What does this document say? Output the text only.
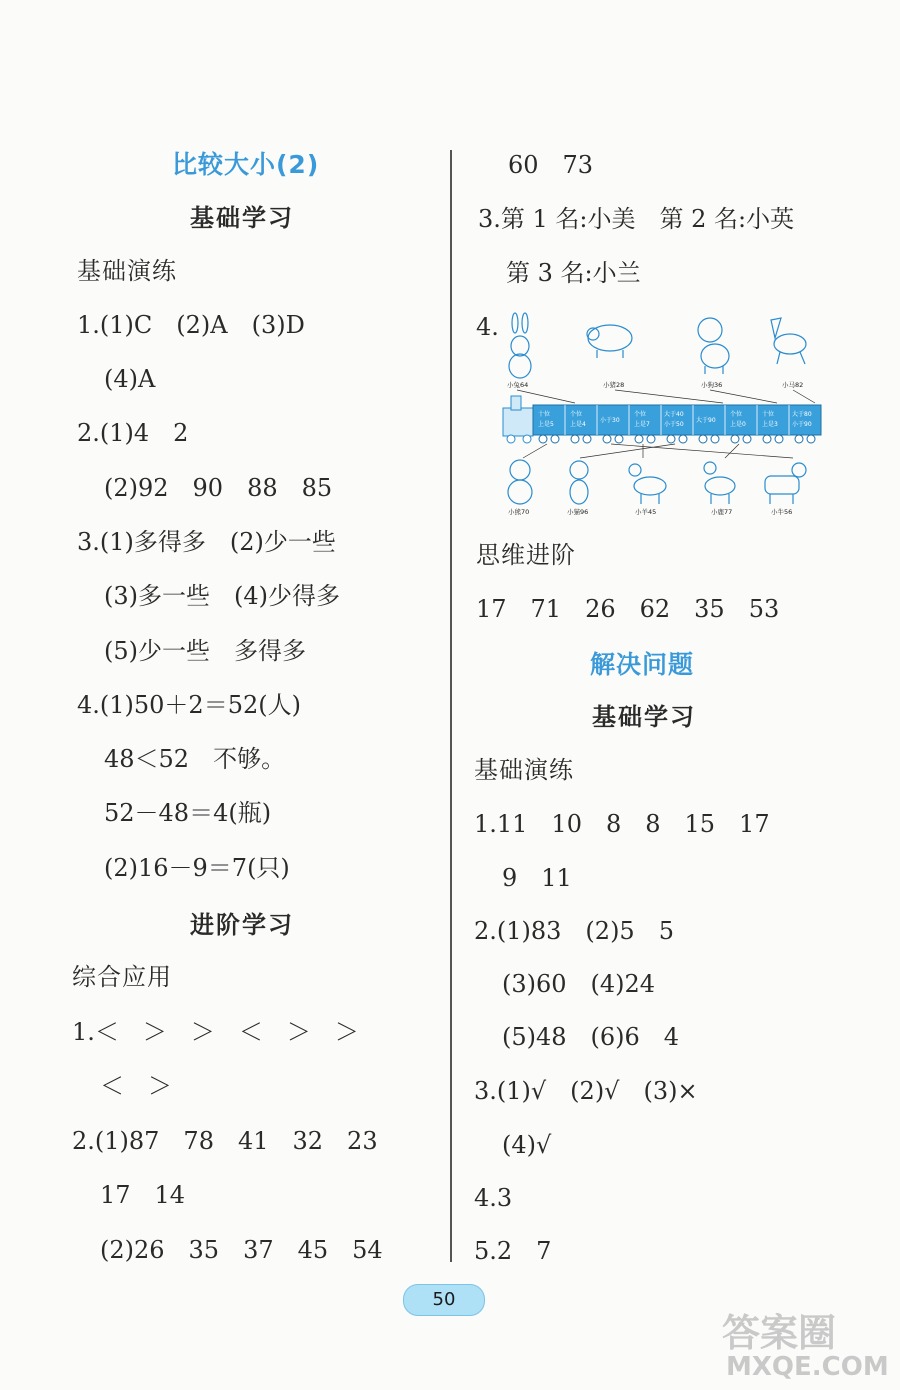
比较大小(2)
基础学习
基础演练
1.(1)C　(2)A　(3)D
(4)A
2.(1)4　2
(2)92　90　88　85
3.(1)多得多　(2)少一些
(3)多一些　(4)少得多
(5)少一些　多得多
4.(1)50＋2＝52(人)
48＜52　不够。
52－48＝4(瓶)
(2)16－9＝7(只)
进阶学习
综合应用
1.＜　＞　＞　＜　＞　＞
＜　＞
2.(1)87　78　41　32　23
17　14
(2)26　35　37　45　54
60　73
3.第 1 名:小美　第 2 名:小英
第 3 名:小兰
4.
思维进阶
17　71　26　62　35　53
解决问题
基础学习
基础演练
1.11　10　8　8　15　17
9　11
2.(1)83　(2)5　5
(3)60　(4)24
(5)48　(6)6　4
3.(1)√　(2)√　(3)×
(4)√
4.3
5.2　7
小兔64	小猪28	小狗36	小马82
十位
上是5
个位
上是4
小于30
个位
上是7
大于40
小于50
大于90
个位
上是0
十位
上是3
大于80
小于90
小熊70	小猫96	小羊45	小鹿77	小牛56
50
答案圈
MXQE.COM
